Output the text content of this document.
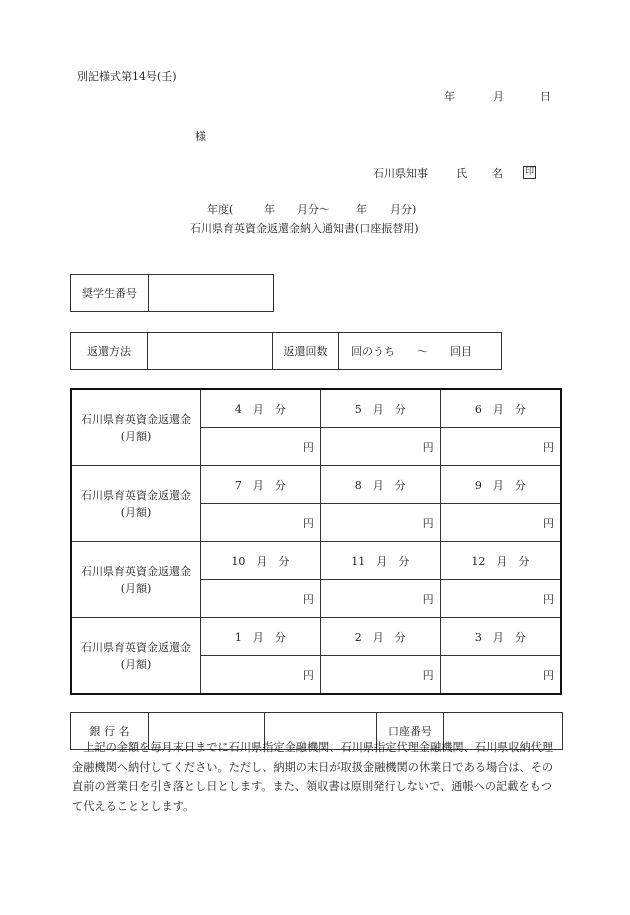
別記様式第14号(壬)
年	月	日
様
石川県知事	氏 名	印
年度(	年 月分〜 年 月分)
石川県育英資金返還金納入通知書(口座振替用)
奨学生番号	
返還方法		返還回数	回のうち 〜 回目
石川県育英資金返還金
(月額)	4　月　分	5　月　分	6　月　分
	円	円	円

石川県育英資金返還金
(月額)	7　月　分	8　月　分	9　月　分
	円	円	円

石川県育英資金返還金
(月額)	10　月　分	11　月　分	12　月　分
	円	円	円

石川県育英資金返還金
(月額)	1　月　分	2　月　分	3　月　分
	円	円	円
銀 行 名			口座番号	
上記の金額を毎月末日までに石川県指定金融機関、石川県指定代理金融機関、石川県収納代理金融機関へ納付してください。ただし、納期の末日が取扱金融機関の休業日である場合は、その直前の営業日を引き落とし日とします。また、領収書は原則発行しないで、通帳への記載をもつて代えることとします。
